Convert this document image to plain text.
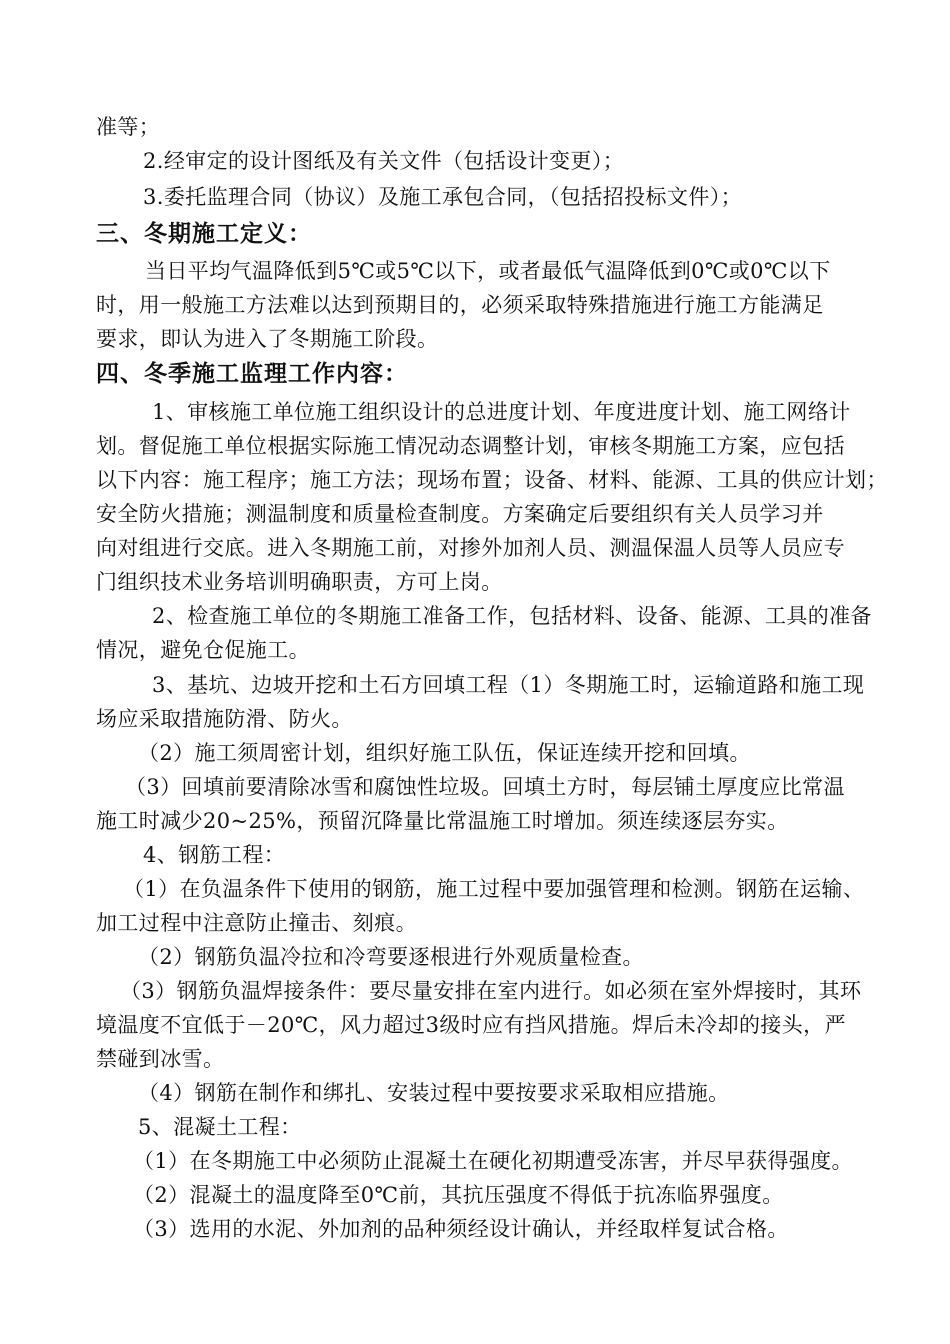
准等；
2.经审定的设计图纸及有关文件（包括设计变更）；
3.委托监理合同（协议）及施工承包合同，（包括招投标文件）；
三、冬期施工定义：
当日平均气温降低到5℃或5℃以下，或者最低气温降低到0℃或0℃以下
时，用一般施工方法难以达到预期目的，必须采取特殊措施进行施工方能满足
要求，即认为进入了冬期施工阶段。
四、冬季施工监理工作内容：
1、审核施工单位施工组织设计的总进度计划、年度进度计划、施工网络计
划。督促施工单位根据实际施工情况动态调整计划，审核冬期施工方案，应包括
以下内容：施工程序；施工方法；现场布置；设备、材料、能源、工具的供应计划；
安全防火措施；测温制度和质量检查制度。方案确定后要组织有关人员学习并
向对组进行交底。进入冬期施工前，对掺外加剂人员、测温保温人员等人员应专
门组织技术业务培训明确职责，方可上岗。
2、检查施工单位的冬期施工准备工作，包括材料、设备、能源、工具的准备
情况，避免仓促施工。
3、基坑、边坡开挖和土石方回填工程（1）冬期施工时，运输道路和施工现
场应采取措施防滑、防火。
（2）施工须周密计划，组织好施工队伍，保证连续开挖和回填。
（3）回填前要清除冰雪和腐蚀性垃圾。回填土方时，每层铺土厚度应比常温
施工时减少20~25%，预留沉降量比常温施工时增加。须连续逐层夯实。
4、钢筋工程：
（1）在负温条件下使用的钢筋，施工过程中要加强管理和检测。钢筋在运输、
加工过程中注意防止撞击、刻痕。
（2）钢筋负温冷拉和冷弯要逐根进行外观质量检查。
（3）钢筋负温焊接条件：要尽量安排在室内进行。如必须在室外焊接时，其环
境温度不宜低于－20℃，风力超过3级时应有挡风措施。焊后未冷却的接头，严
禁碰到冰雪。
（4）钢筋在制作和绑扎、安装过程中要按要求采取相应措施。
5、混凝土工程：
（1）在冬期施工中必须防止混凝土在硬化初期遭受冻害，并尽早获得强度。
（2）混凝土的温度降至0℃前，其抗压强度不得低于抗冻临界强度。
（3）选用的水泥、外加剂的品种须经设计确认，并经取样复试合格。
